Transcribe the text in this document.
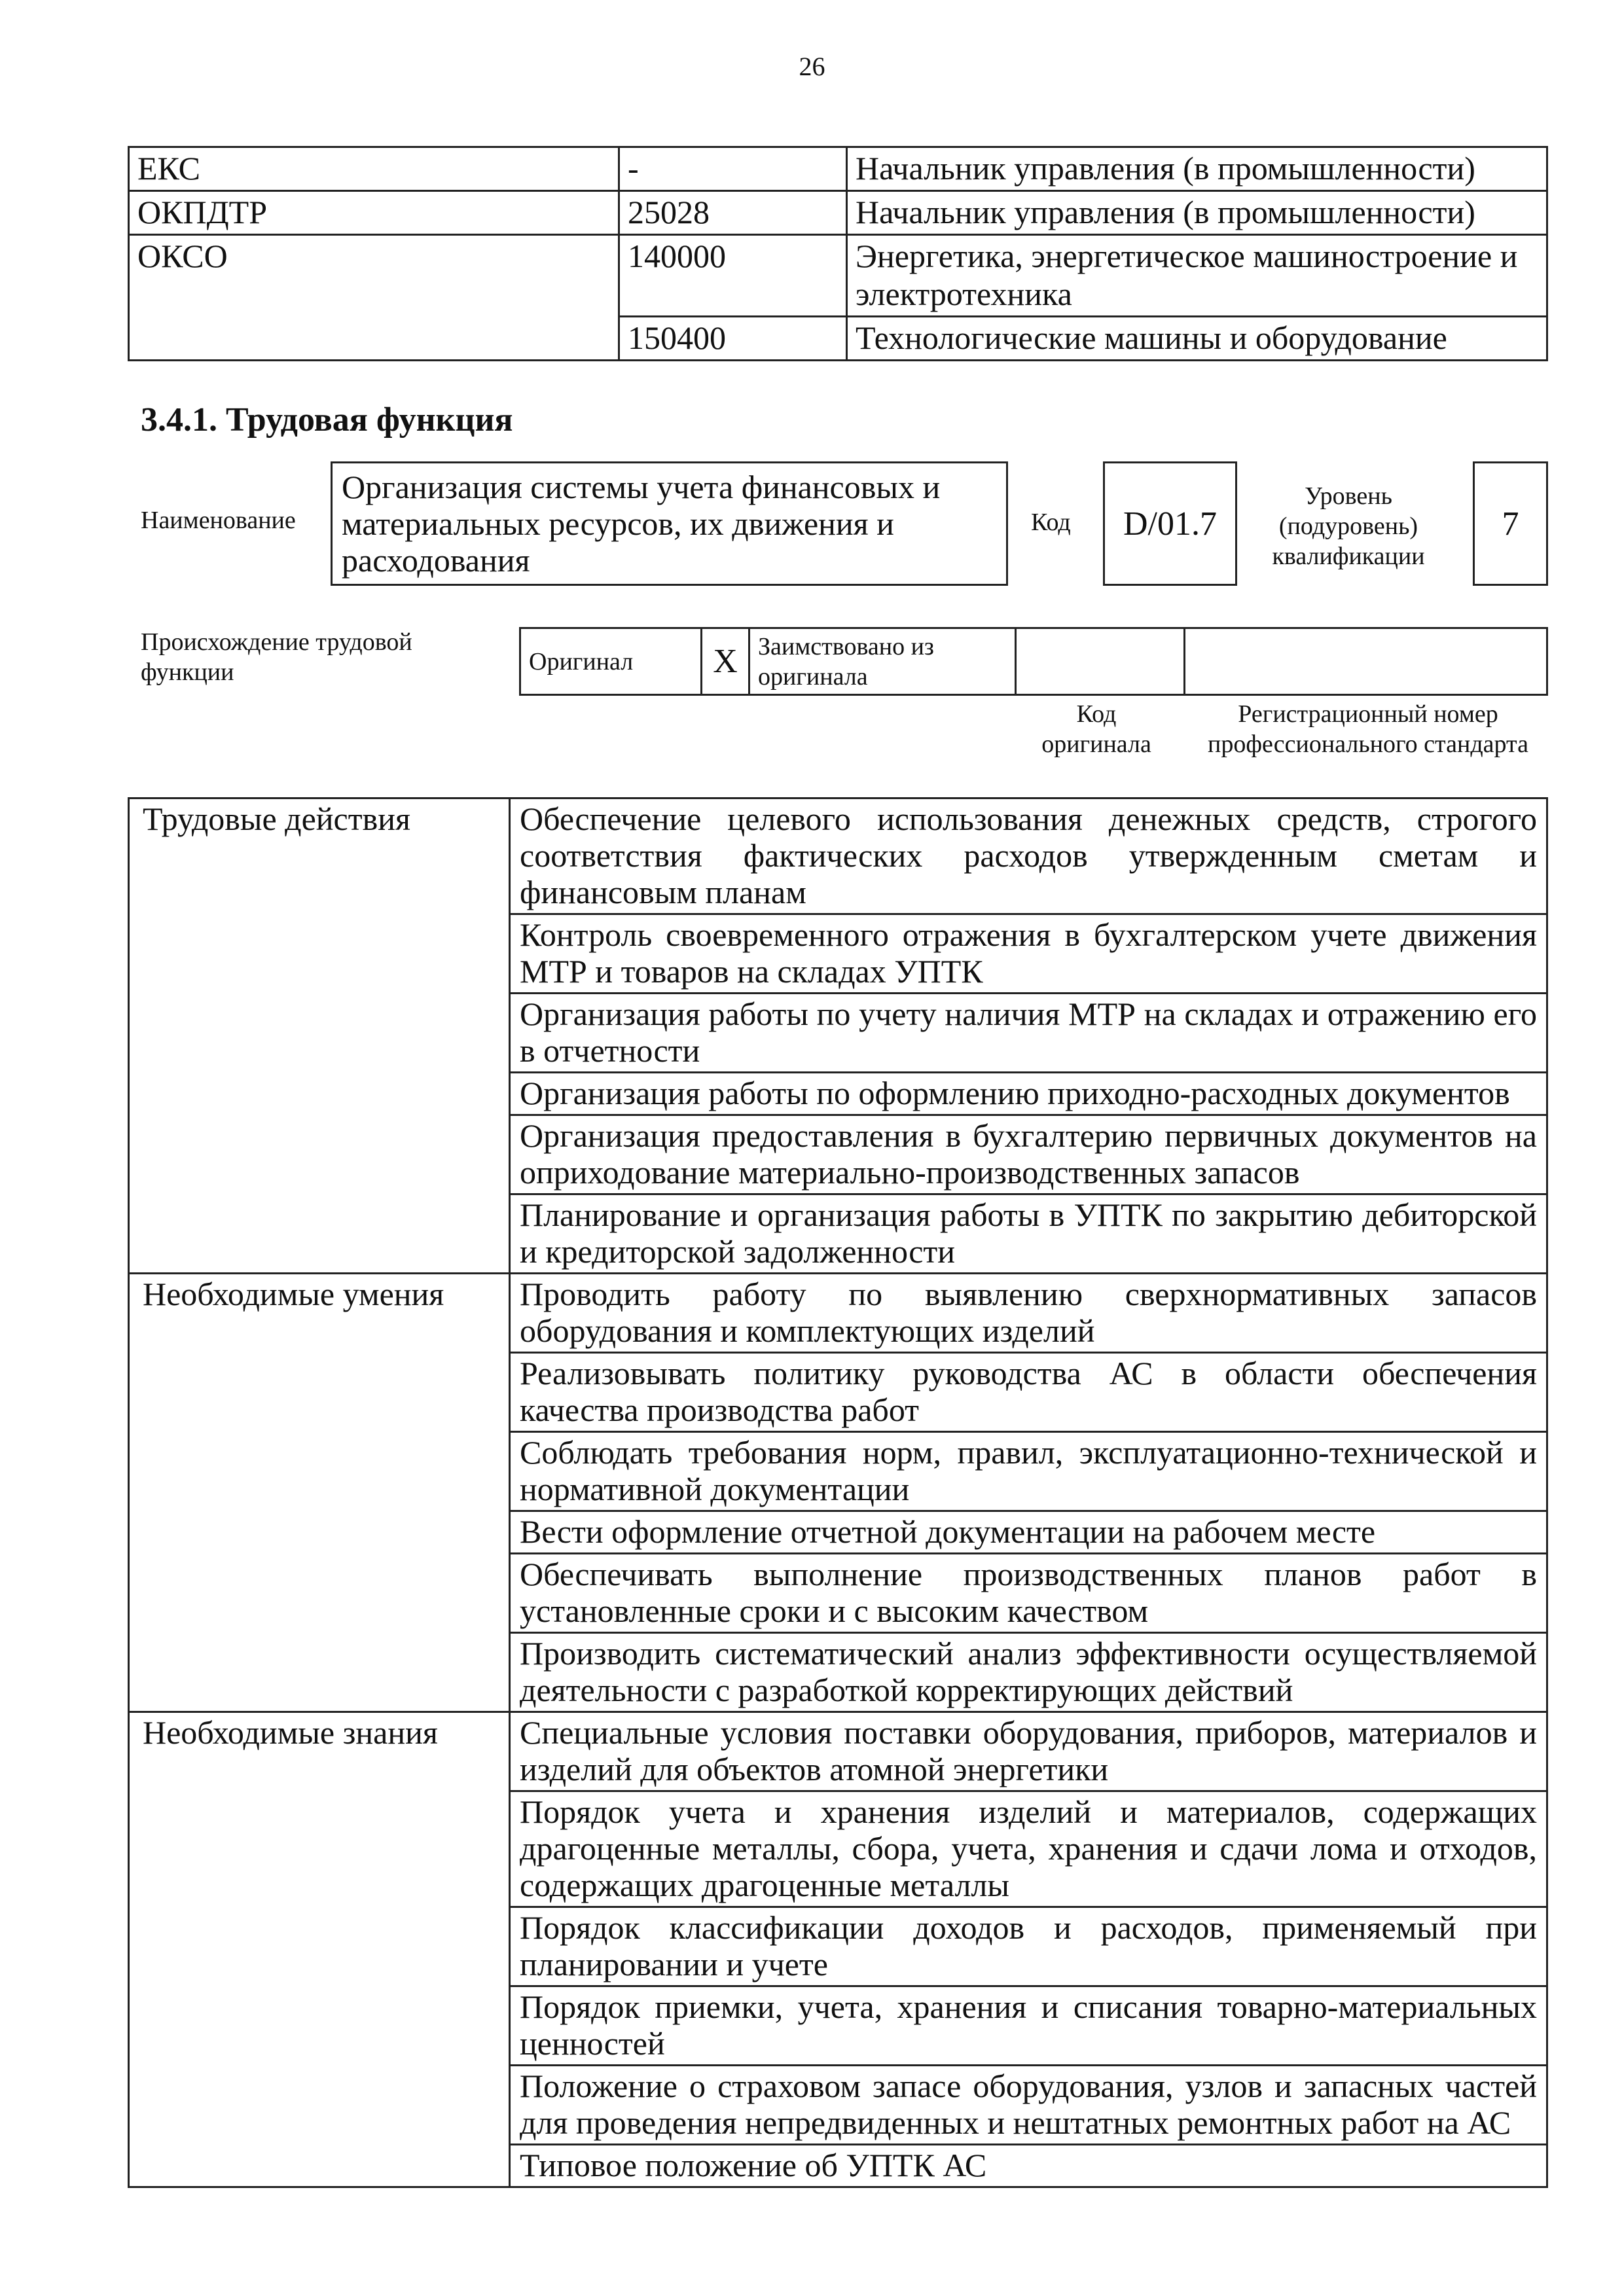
26
ЕКС	-	Начальник управления (в промышленности)
ОКПДТР	25028	Начальник управления (в промышленности)
ОКСО	140000	Энергетика, энергетическое машиностроение и электротехника
	150400	Технологические машины и оборудование
3.4.1. Трудовая функция
Наименование
Организация системы учета финансовых и материальных ресурсов, их движения и расходования
Код	D/01.7
Уровень (подуровень) квалификации
7
Происхождение трудовой функции	Оригинал	X	Заимствовано из оригинала		
Код оригинала
Регистрационный номер профессионального стандарта
Трудовые действия	Обеспечение целевого использования денежных средств, строгого соответствия фактических расходов утвержденным сметам и финансовым планам
	Контроль своевременного отражения в бухгалтерском учете движения МТР и товаров на складах УПТК
	Организация работы по учету наличия МТР на складах и отражению его в отчетности
	Организация работы по оформлению приходно-расходных документов
	Организация предоставления в бухгалтерию первичных документов на оприходование материально-производственных запасов
	Планирование и организация работы в УПТК по закрытию дебиторской и кредиторской задолженности
Необходимые умения	Проводить работу по выявлению сверхнормативных запасов оборудования и комплектующих изделий
	Реализовывать политику руководства АС в области обеспечения качества производства работ
	Соблюдать требования норм, правил, эксплуатационно-технической и нормативной документации
	Вести оформление отчетной документации на рабочем месте
	Обеспечивать выполнение производственных планов работ в установленные сроки и с высоким качеством
	Производить систематический анализ эффективности осуществляемой деятельности с разработкой корректирующих действий
Необходимые знания	Специальные условия поставки оборудования, приборов, материалов и изделий для объектов атомной энергетики
	Порядок учета и хранения изделий и материалов, содержащих драгоценные металлы, сбора, учета, хранения и сдачи лома и отходов, содержащих драгоценные металлы
	Порядок классификации доходов и расходов, применяемый при планировании и учете
	Порядок приемки, учета, хранения и списания товарно-материальных ценностей
	Положение о страховом запасе оборудования, узлов и запасных частей для проведения непредвиденных и нештатных ремонтных работ на АС
	Типовое положение об УПТК АС
